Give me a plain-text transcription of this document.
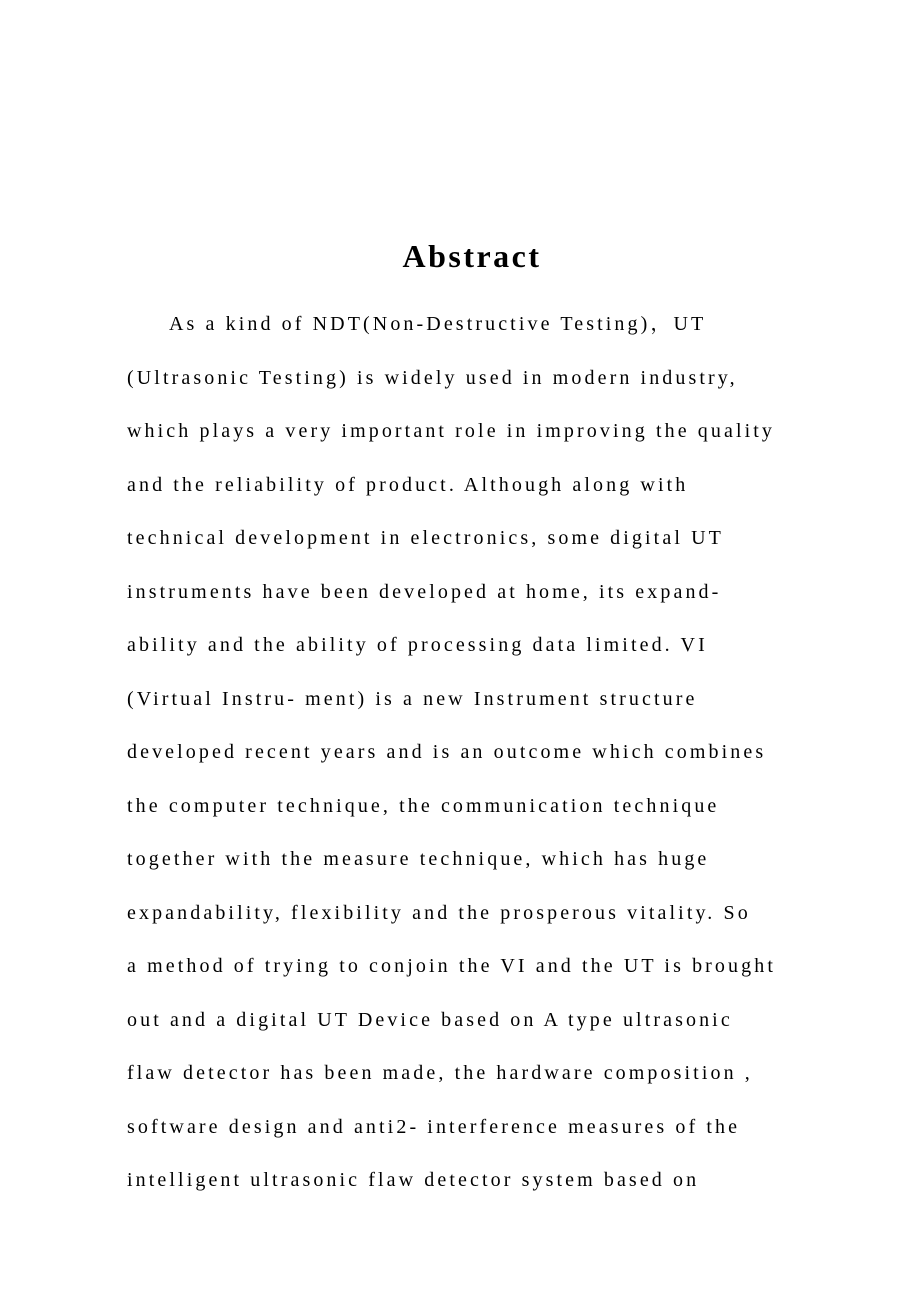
Abstract
As a kind of NDT(Non-Destructive Testing)，UT
(Ultrasonic Testing) is widely used in modern industry,
which plays a very important role in improving the quality
and the reliability of product. Although along with
technical development in electronics, some digital UT
instruments have been developed at home, its expand-
ability and the ability of processing data limited. VI
(Virtual Instru- ment) is a new Instrument structure
developed recent years and is an outcome which combines
the computer technique, the communication technique
together with the measure technique, which has huge
expandability, flexibility and the prosperous vitality. So
a method of trying to conjoin the VI and the UT is brought
out and a digital UT Device based on A type ultrasonic
flaw detector has been made, the hardware composition ,
software design and anti2- interference measures of the
intelligent ultrasonic flaw detector system based on
